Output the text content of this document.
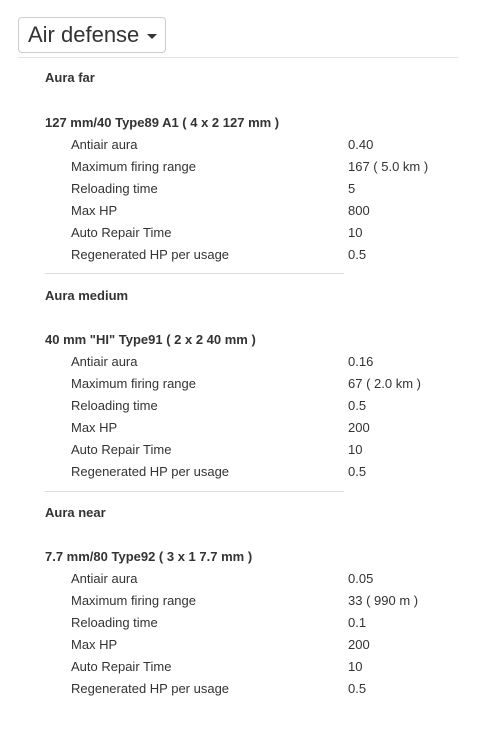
Air defense
Aura far
127 mm/40 Type89 A1 ( 4 x 2 127 mm )
Antiair aura	0.40
Maximum firing range	167 ( 5.0 km )
Reloading time	5
Max HP	800
Auto Repair Time	10
Regenerated HP per usage	0.5
Aura medium
40 mm "HI" Type91 ( 2 x 2 40 mm )
Antiair aura	0.16
Maximum firing range	67 ( 2.0 km )
Reloading time	0.5
Max HP	200
Auto Repair Time	10
Regenerated HP per usage	0.5
Aura near
7.7 mm/80 Type92 ( 3 x 1 7.7 mm )
Antiair aura	0.05
Maximum firing range	33 ( 990 m )
Reloading time	0.1
Max HP	200
Auto Repair Time	10
Regenerated HP per usage	0.5
